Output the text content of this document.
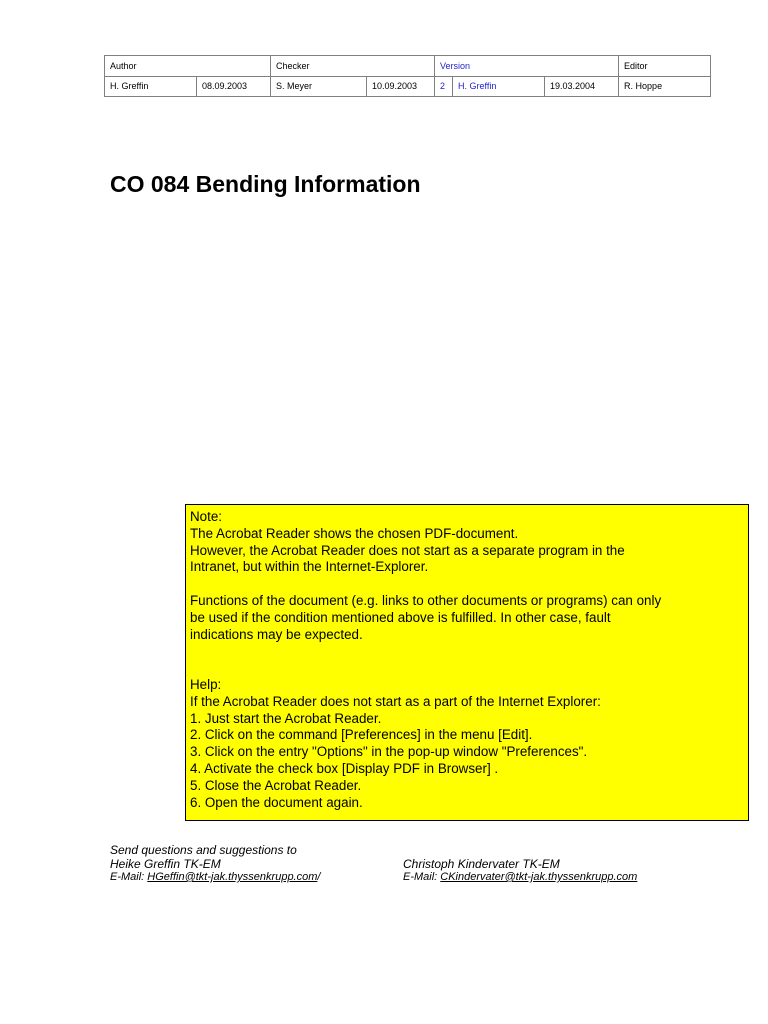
Author		Checker		Version			Editor
H. Greffin	08.09.2003	S. Meyer	10.09.2003	2	H. Greffin	19.03.2004	R. Hoppe
CO 084 Bending Information
Note:
The Acrobat Reader shows the chosen PDF-document.
However, the Acrobat Reader does not start as a separate program in the
Intranet, but within the Internet-Explorer.
Functions of the document (e.g. links to other documents or programs) can only
be used if the condition mentioned above is fulfilled. In other case, fault
indications may be expected.
Help:
If the Acrobat Reader does not start as a part of the Internet Explorer:
1. Just start the Acrobat Reader.
2. Click on the command [Preferences] in the menu [Edit].
3. Click on the entry "Options" in the pop-up window "Preferences".
4. Activate the check box [Display PDF in Browser] .
5. Close the Acrobat Reader.
6. Open the document again.
Send questions and suggestions to
Heike Greffin TK-EM
E-Mail: HGeffin@tkt-jak.thyssenkrupp.com/
Christoph Kindervater TK-EM
E-Mail: CKindervater@tkt-jak.thyssenkrupp.com
